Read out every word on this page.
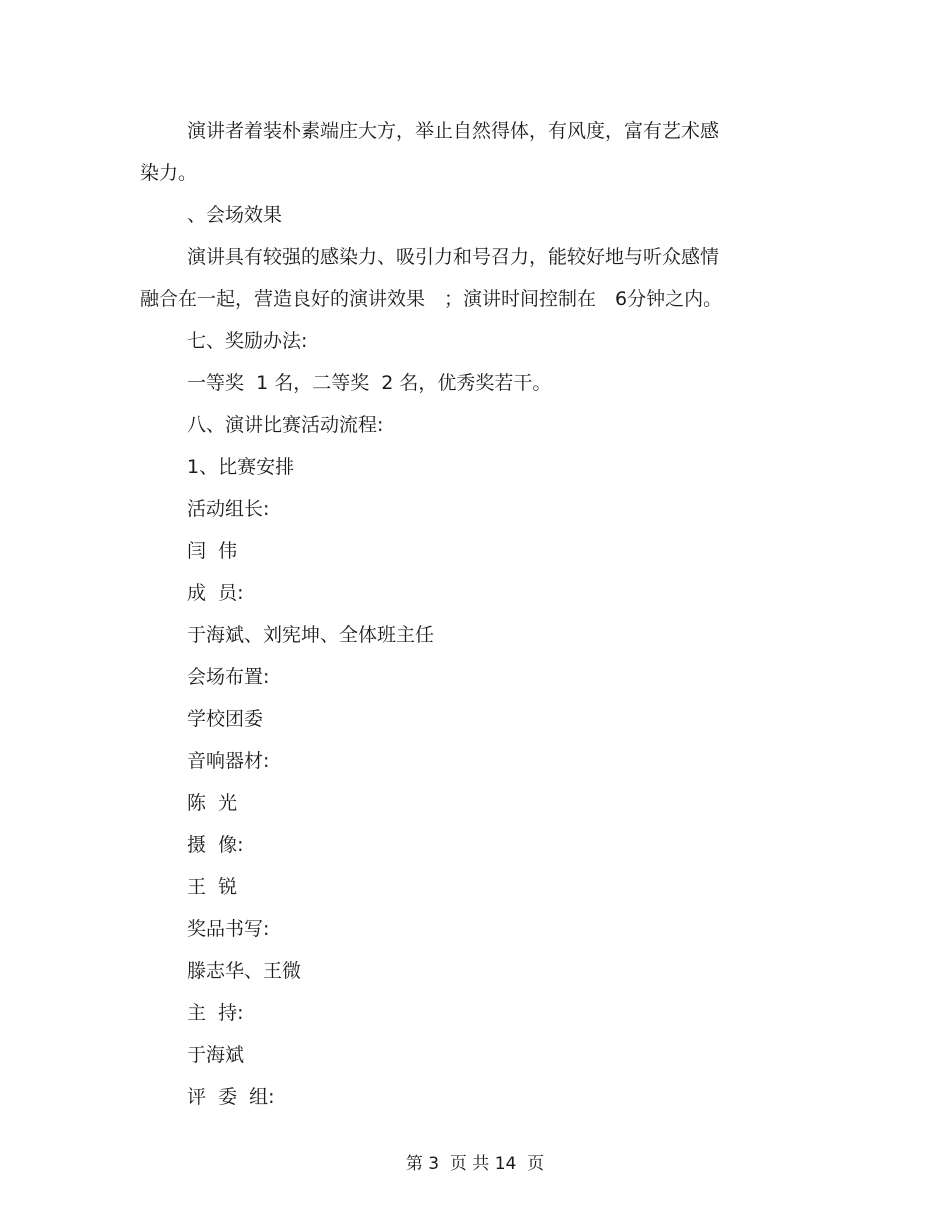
演讲者着装朴素端庄大方，举止自然得体，有风度，富有艺术感
染力。
、会场效果
演讲具有较强的感染力、吸引力和号召力，能较好地与听众感情
融合在一起，营造良好的演讲效果　；演讲时间控制在　6分钟之内。
七、奖励办法:
一等奖  1 名，二等奖  2 名，优秀奖若干。
八、演讲比赛活动流程:
1、比赛安排
活动组长:
闫  伟
成  员:
于海斌、刘宪坤、全体班主任
会场布置:
学校团委
音响器材:
陈  光
摄  像:
王  锐
奖品书写:
滕志华、王微
主  持:
于海斌
评  委  组:
第 3  页 共 14  页
